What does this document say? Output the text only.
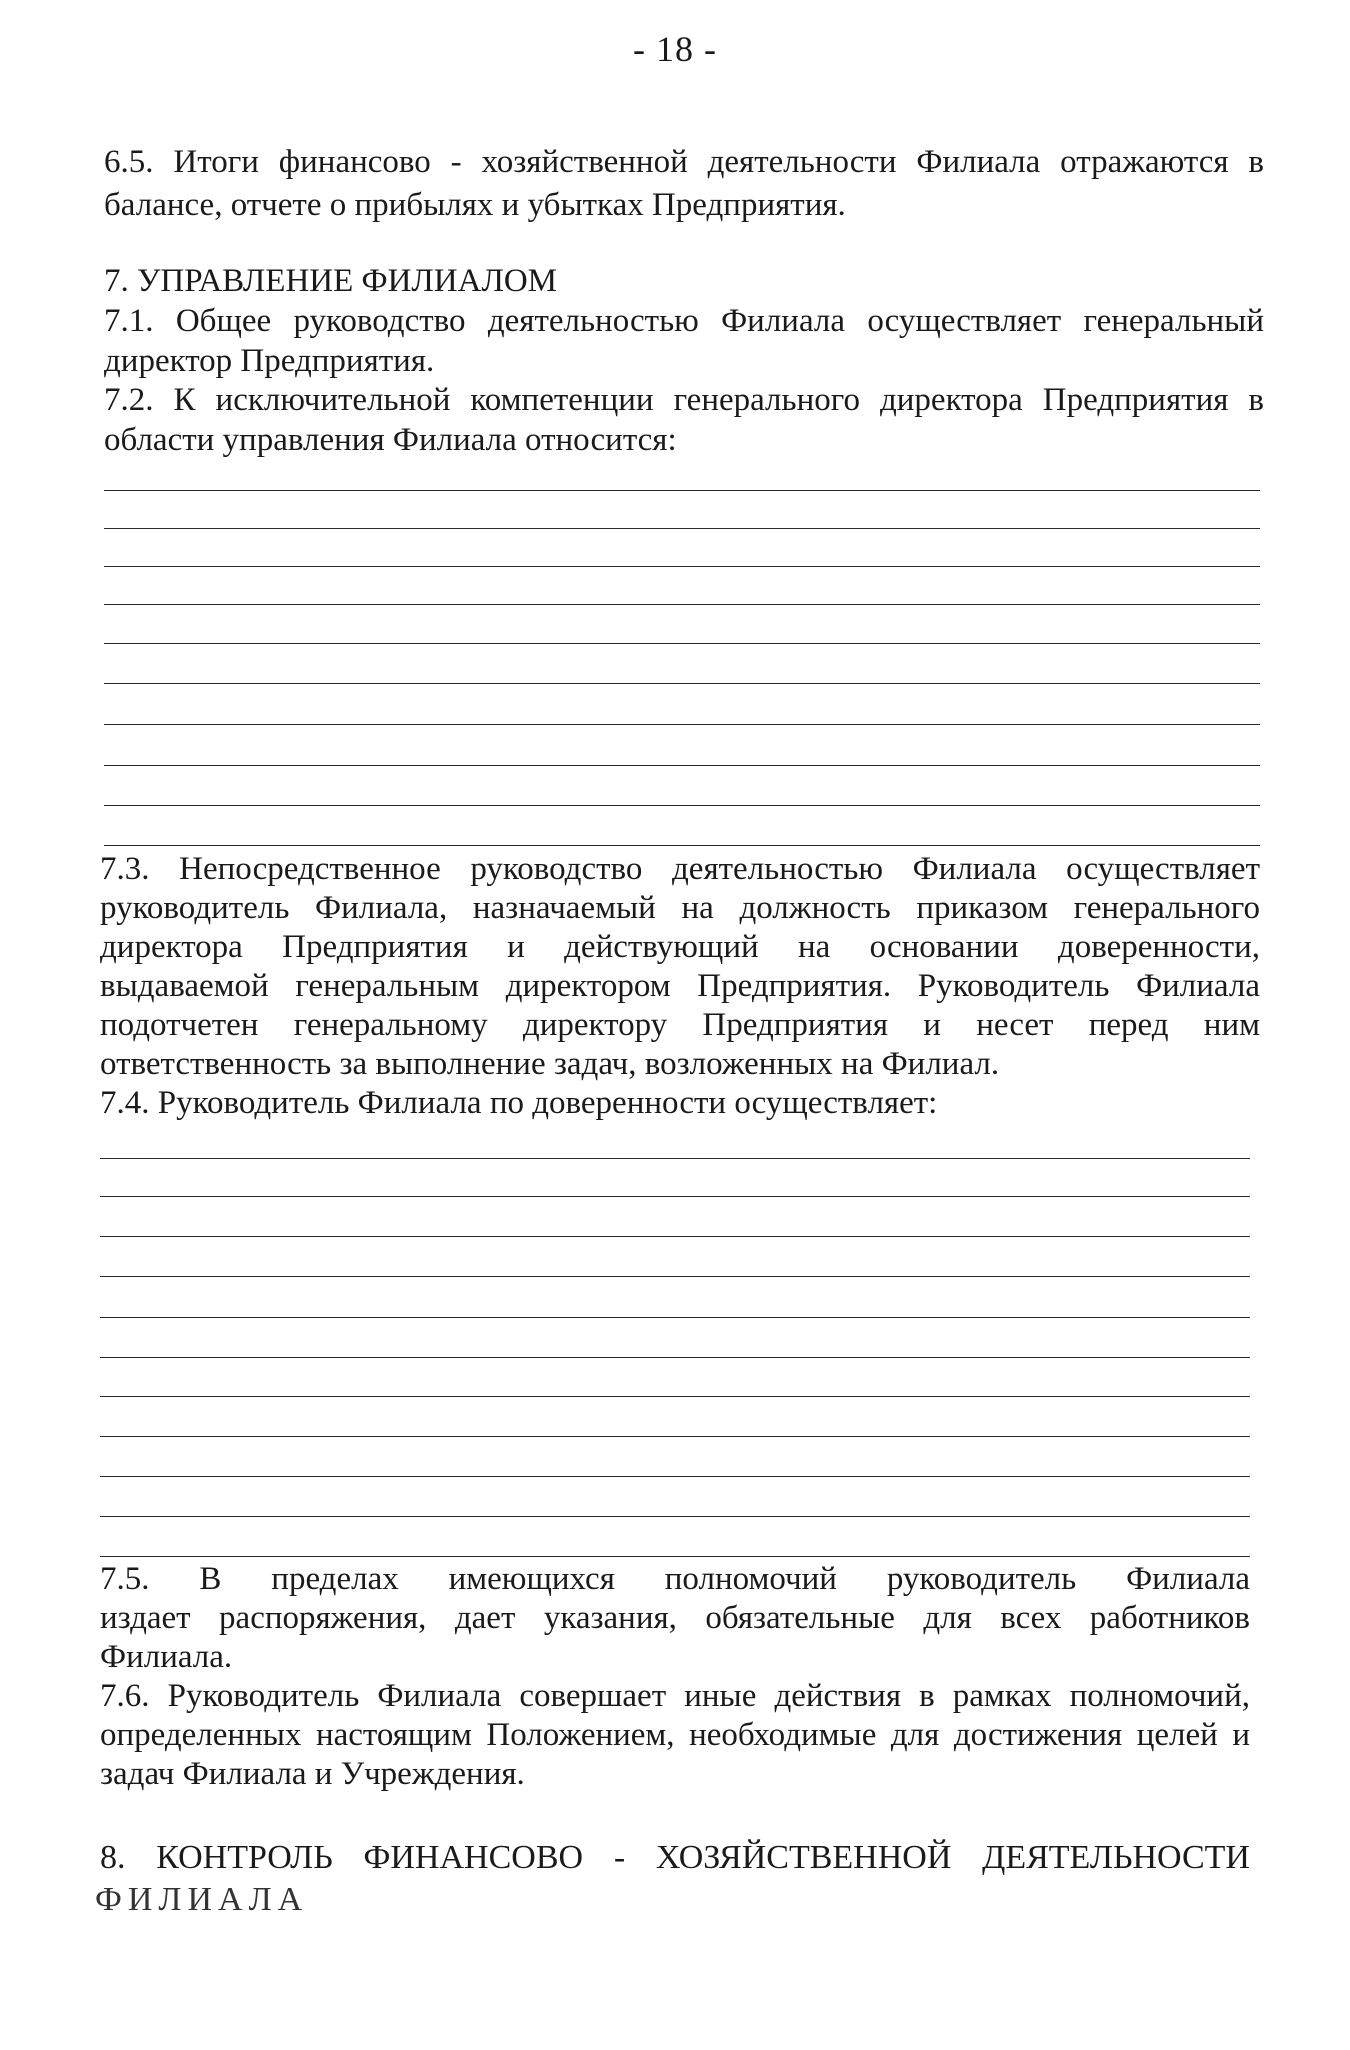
- 18 -
6.5. Итоги финансово - хозяйственной деятельности Филиала отражаются в
балансе, отчете о прибылях и убытках Предприятия.
7. УПРАВЛЕНИЕ ФИЛИАЛОМ
7.1. Общее руководство деятельностью Филиала осуществляет генеральный
директор Предприятия.
7.2. К исключительной компетенции генерального директора Предприятия в
области управления Филиала относится:
7.3. Непосредственное руководство деятельностью Филиала осуществляет
руководитель Филиала, назначаемый на должность приказом генерального
директора Предприятия и действующий на основании доверенности,
выдаваемой генеральным директором Предприятия. Руководитель Филиала
подотчетен генеральному директору Предприятия и несет перед ним
ответственность за выполнение задач, возложенных на Филиал.
7.4. Руководитель Филиала по доверенности осуществляет:
7.5. В пределах имеющихся полномочий руководитель Филиала
издает распоряжения, дает указания, обязательные для всех работников
Филиала.
7.6. Руководитель Филиала совершает иные действия в рамках полномочий,
определенных настоящим Положением, необходимые для достижения целей и
задач Филиала и Учреждения.
8. КОНТРОЛЬ ФИНАНСОВО - ХОЗЯЙСТВЕННОЙ ДЕЯТЕЛЬНОСТИ
ФИЛИАЛА
